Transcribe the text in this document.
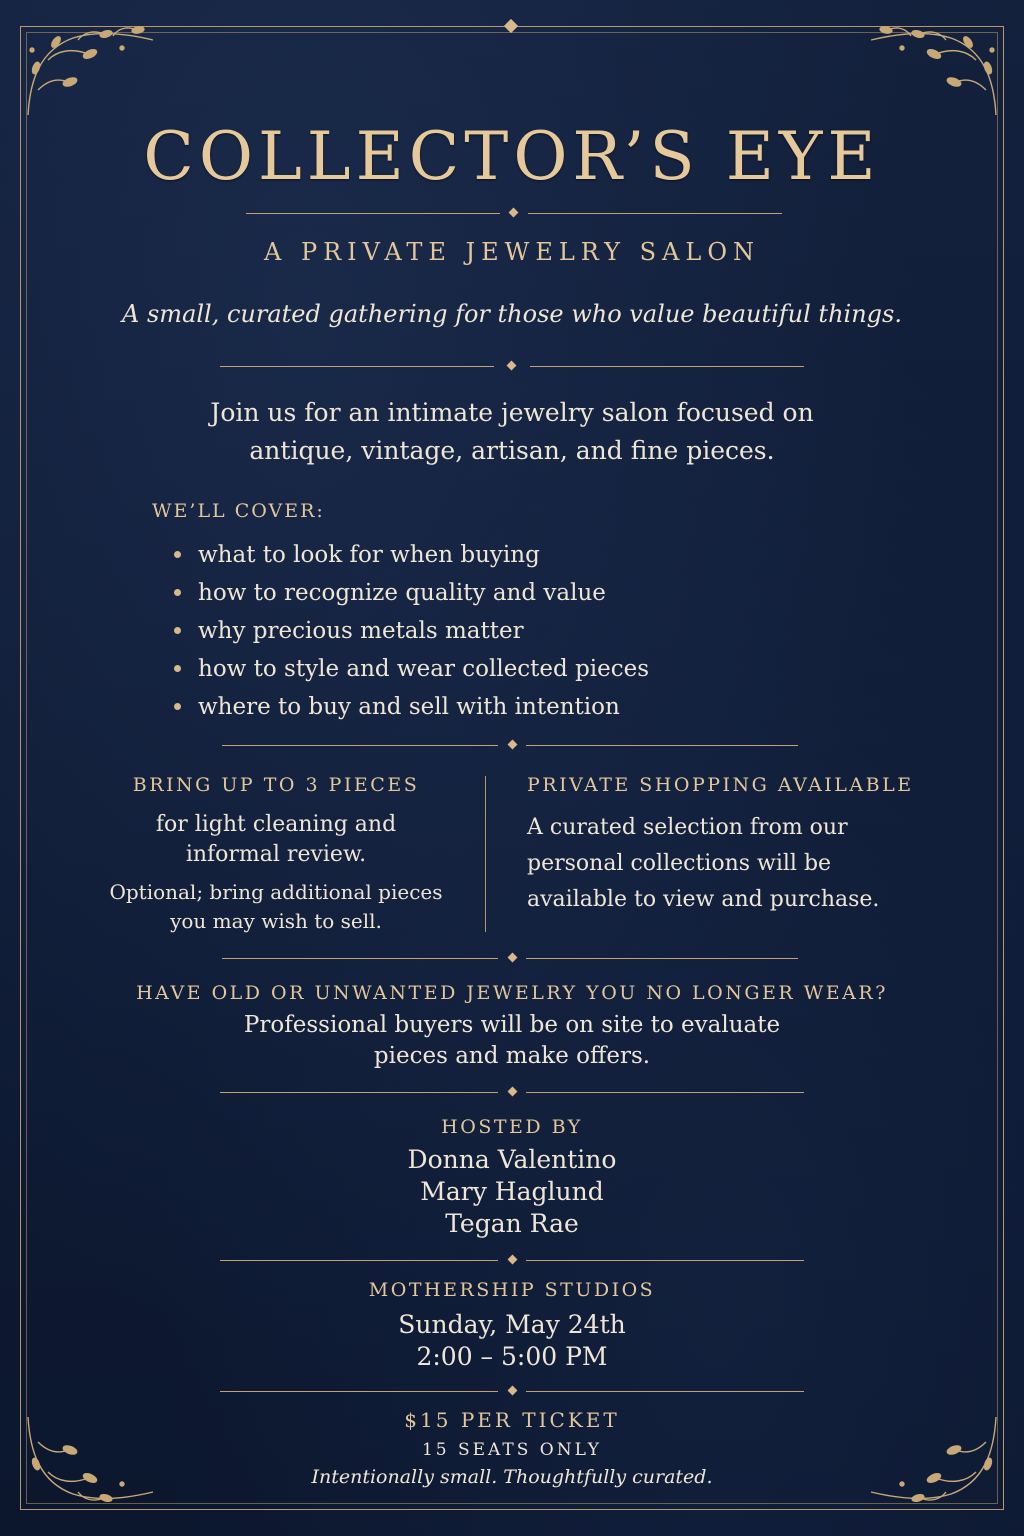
COLLECTOR’S EYE
A PRIVATE JEWELRY SALON
A small, curated gathering for those who value beautiful things.
Join us for an intimate jewelry salon focused on
antique, vintage, artisan, and fine pieces.
WE’LL COVER:
what to look for when buying
how to recognize quality and value
why precious metals matter
how to style and wear collected pieces
where to buy and sell with intention
BRING UP TO 3 PIECES
for light cleaning and
informal review.
Optional; bring additional pieces
you may wish to sell.
PRIVATE SHOPPING AVAILABLE
A curated selection from our
personal collections will be
available to view and purchase.
HAVE OLD OR UNWANTED JEWELRY YOU NO LONGER WEAR?
Professional buyers will be on site to evaluate
pieces and make offers.
HOSTED BY
Donna Valentino
Mary Haglund
Tegan Rae
MOTHERSHIP STUDIOS
Sunday, May 24th
2:00 – 5:00 PM
$15 PER TICKET
15 SEATS ONLY
Intentionally small. Thoughtfully curated.
